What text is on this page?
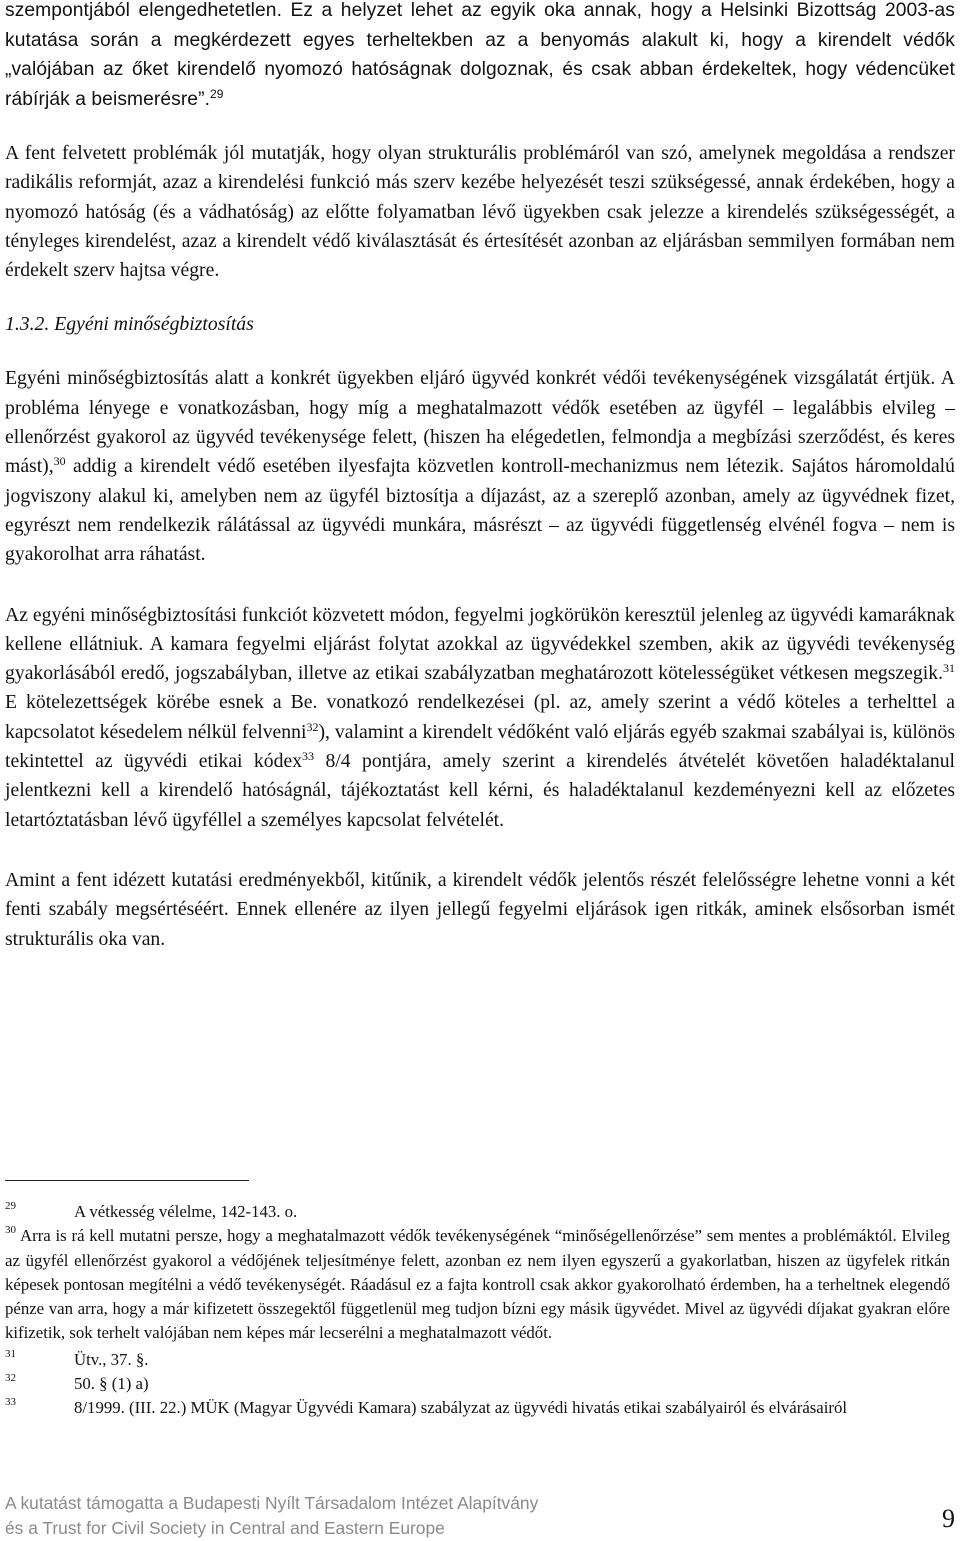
szempontjából elengedhetetlen. Ez a helyzet lehet az egyik oka annak, hogy a Helsinki Bizottság 2003-as kutatása során a megkérdezett egyes terheltekben az a benyomás alakult ki, hogy a kirendelt védők „valójában az őket kirendelő nyomozó hatóságnak dolgoznak, és csak abban érdekeltek, hogy védencüket rábírják a beismerésre”.$^{29}$

A fent felvetett problémák jól mutatják, hogy olyan strukturális problémáról van szó, amelynek megoldása a rendszer radikális reformját, azaz a kirendelési funkció más szerv kezébe helyezését teszi szükségessé, annak érdekében, hogy a nyomozó hatóság (és a vádhatóság) az előtte folyamatban lévő ügyekben csak jelezze a kirendelés szükségességét, a tényleges kirendelést, azaz a kirendelt védő kiválasztását és értesítését azonban az eljárásban semmilyen formában nem érdekelt szerv hajtsa végre.

1.3.2. Egyéni minőségbiztosítás

Egyéni minőségbiztosítás alatt a konkrét ügyekben eljáró ügyvéd konkrét védői tevékenységének vizsgálatát értjük. A probléma lényege e vonatkozásban, hogy míg a meghatalmazott védők esetében az ügyfél – legalábbis elvileg – ellenőrzést gyakorol az ügyvéd tevékenysége felett, (hiszen ha elégedetlen, felmondja a megbízási szerződést, és keres mást),$^{30}$ addig a kirendelt védő esetében ilyesfajta közvetlen kontroll-mechanizmus nem létezik. Sajátos háromoldalú jogviszony alakul ki, amelyben nem az ügyfél biztosítja a díjazást, az a szereplő azonban, amely az ügyvédnek fizet, egyrészt nem rendelkezik rálátással az ügyvédi munkára, másrészt – az ügyvédi függetlenség elvénél fogva – nem is gyakorolhat arra ráhatást.

Az egyéni minőségbiztosítási funkciót közvetett módon, fegyelmi jogkörükön keresztül jelenleg az ügyvédi kamaráknak kellene ellátniuk. A kamara fegyelmi eljárást folytat azokkal az ügyvédekkel szemben, akik az ügyvédi tevékenység gyakorlásából eredő, jogszabályban, illetve az etikai szabályzatban meghatározott kötelességüket vétkesen megszegik.$^{31}$ E kötelezettségek körébe esnek a Be. vonatkozó rendelkezései (pl. az, amely szerint a védő köteles a terhelttel a kapcsolatot késedelem nélkül felvenni$^{32}$), valamint a kirendelt védőként való eljárás egyéb szakmai szabályai is, különös tekintettel az ügyvédi etikai kódex$^{33}$ 8/4 pontjára, amely szerint a kirendelés átvételét követően haladéktalanul jelentkezni kell a kirendelő hatóságnál, tájékoztatást kell kérni, és haladéktalanul kezdeményezni kell az előzetes letartóztatásban lévő ügyféllel a személyes kapcsolat felvételét.

Amint a fent idézett kutatási eredményekből, kitűnik, a kirendelt védők jelentős részét felelősségre lehetne vonni a két fenti szabály megsértéséért. Ennek ellenére az ilyen jellegű fegyelmi eljárások igen ritkák, aminek elsősorban ismét strukturális oka van.

$^{29}$	A vétkesség vélelme, 142-143. o.

$^{30}$ Arra is rá kell mutatni persze, hogy a meghatalmazott védők tevékenységének “minőségellenőrzése” sem mentes a problémáktól. Elvileg az ügyfél ellenőrzést gyakorol a védőjének teljesítménye felett, azonban ez nem ilyen egyszerű a gyakorlatban, hiszen az ügyfelek ritkán képesek pontosan megítélni a védő tevékenységét. Ráadásul ez a fajta kontroll csak akkor gyakorolható érdemben, ha a terheltnek elegendő pénze van arra, hogy a már kifizetett összegektől függetlenül meg tudjon bízni egy másik ügyvédet. Mivel az ügyvédi díjakat gyakran előre kifizetik, sok terhelt valójában nem képes már lecserélni a meghatalmazott védőt.

$^{31}$	Ütv., 37. §.

$^{32}$	50. § (1) a)

$^{33}$	8/1999. (III. 22.) MÜK (Magyar Ügyvédi Kamara) szabályzat az ügyvédi hivatás etikai szabályairól és elvárásairól

A kutatást támogatta a Budapesti Nyílt Társadalom Intézet Alapítvány
és a Trust for Civil Society in Central and Eastern Europe	9
